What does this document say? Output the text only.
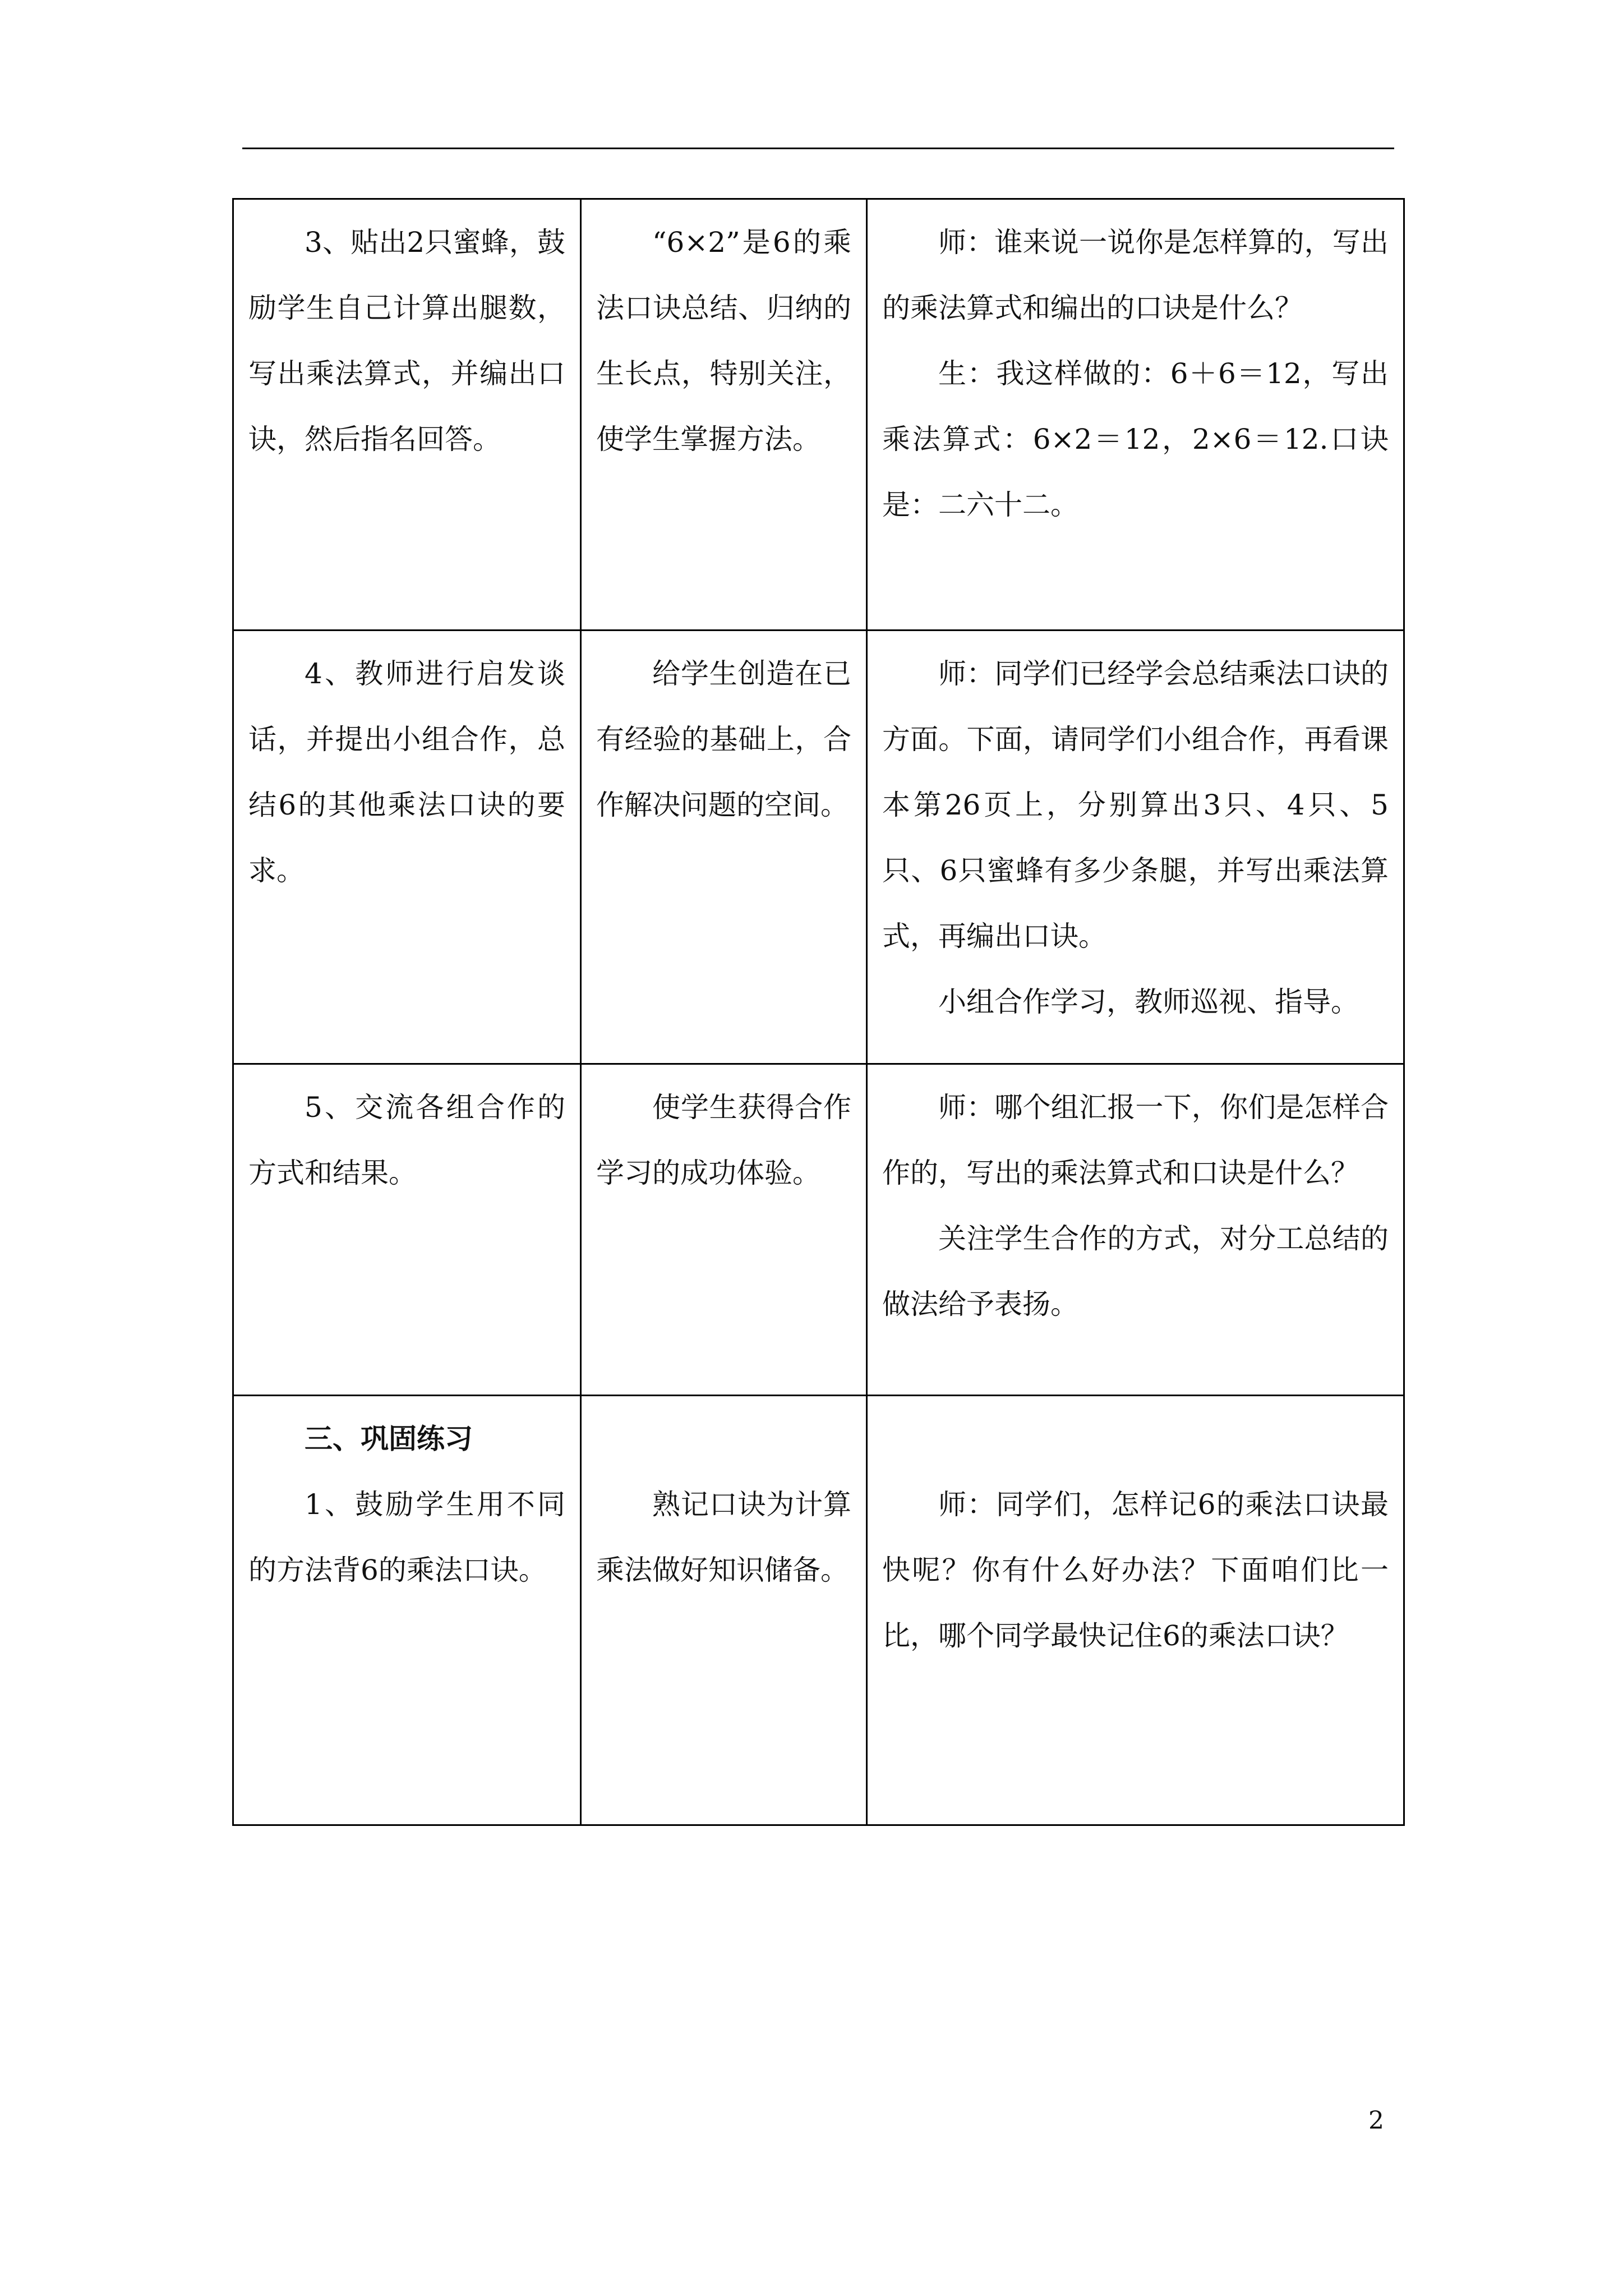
3、贴出2只蜜蜂，鼓励学生自己计算出腿数，写出乘法算式，并编出口诀，然后指名回答。	“6×2”是6的乘法口诀总结、归纳的生长点，特别关注，使学生掌握方法。	师：谁来说一说你是怎样算的，写出的乘法算式和编出的口诀是什么？

生：我这样做的：6＋6＝12，写出乘法算式：6×2＝12，2×6＝12.口诀是：二六十二。

4、教师进行启发谈话，并提出小组合作，总结6的其他乘法口诀的要求。	给学生创造在已有经验的基础上，合作解决问题的空间。	师：同学们已经学会总结乘法口诀的方面。下面，请同学们小组合作，再看课本第26页上，分别算出3只、4只、5只、6只蜜蜂有多少条腿，并写出乘法算式，再编出口诀。

小组合作学习，教师巡视、指导。

5、交流各组合作的方式和结果。	使学生获得合作学习的成功体验。	师：哪个组汇报一下，你们是怎样合作的，写出的乘法算式和口诀是什么？

关注学生合作的方式，对分工总结的做法给予表扬。

三、巩固练习

1、鼓励学生用不同的方法背6的乘法口诀。	熟记口诀为计算乘法做好知识储备。	师：同学们，怎样记6的乘法口诀最快呢？你有什么好办法？下面咱们比一比，哪个同学最快记住6的乘法口诀？

2
